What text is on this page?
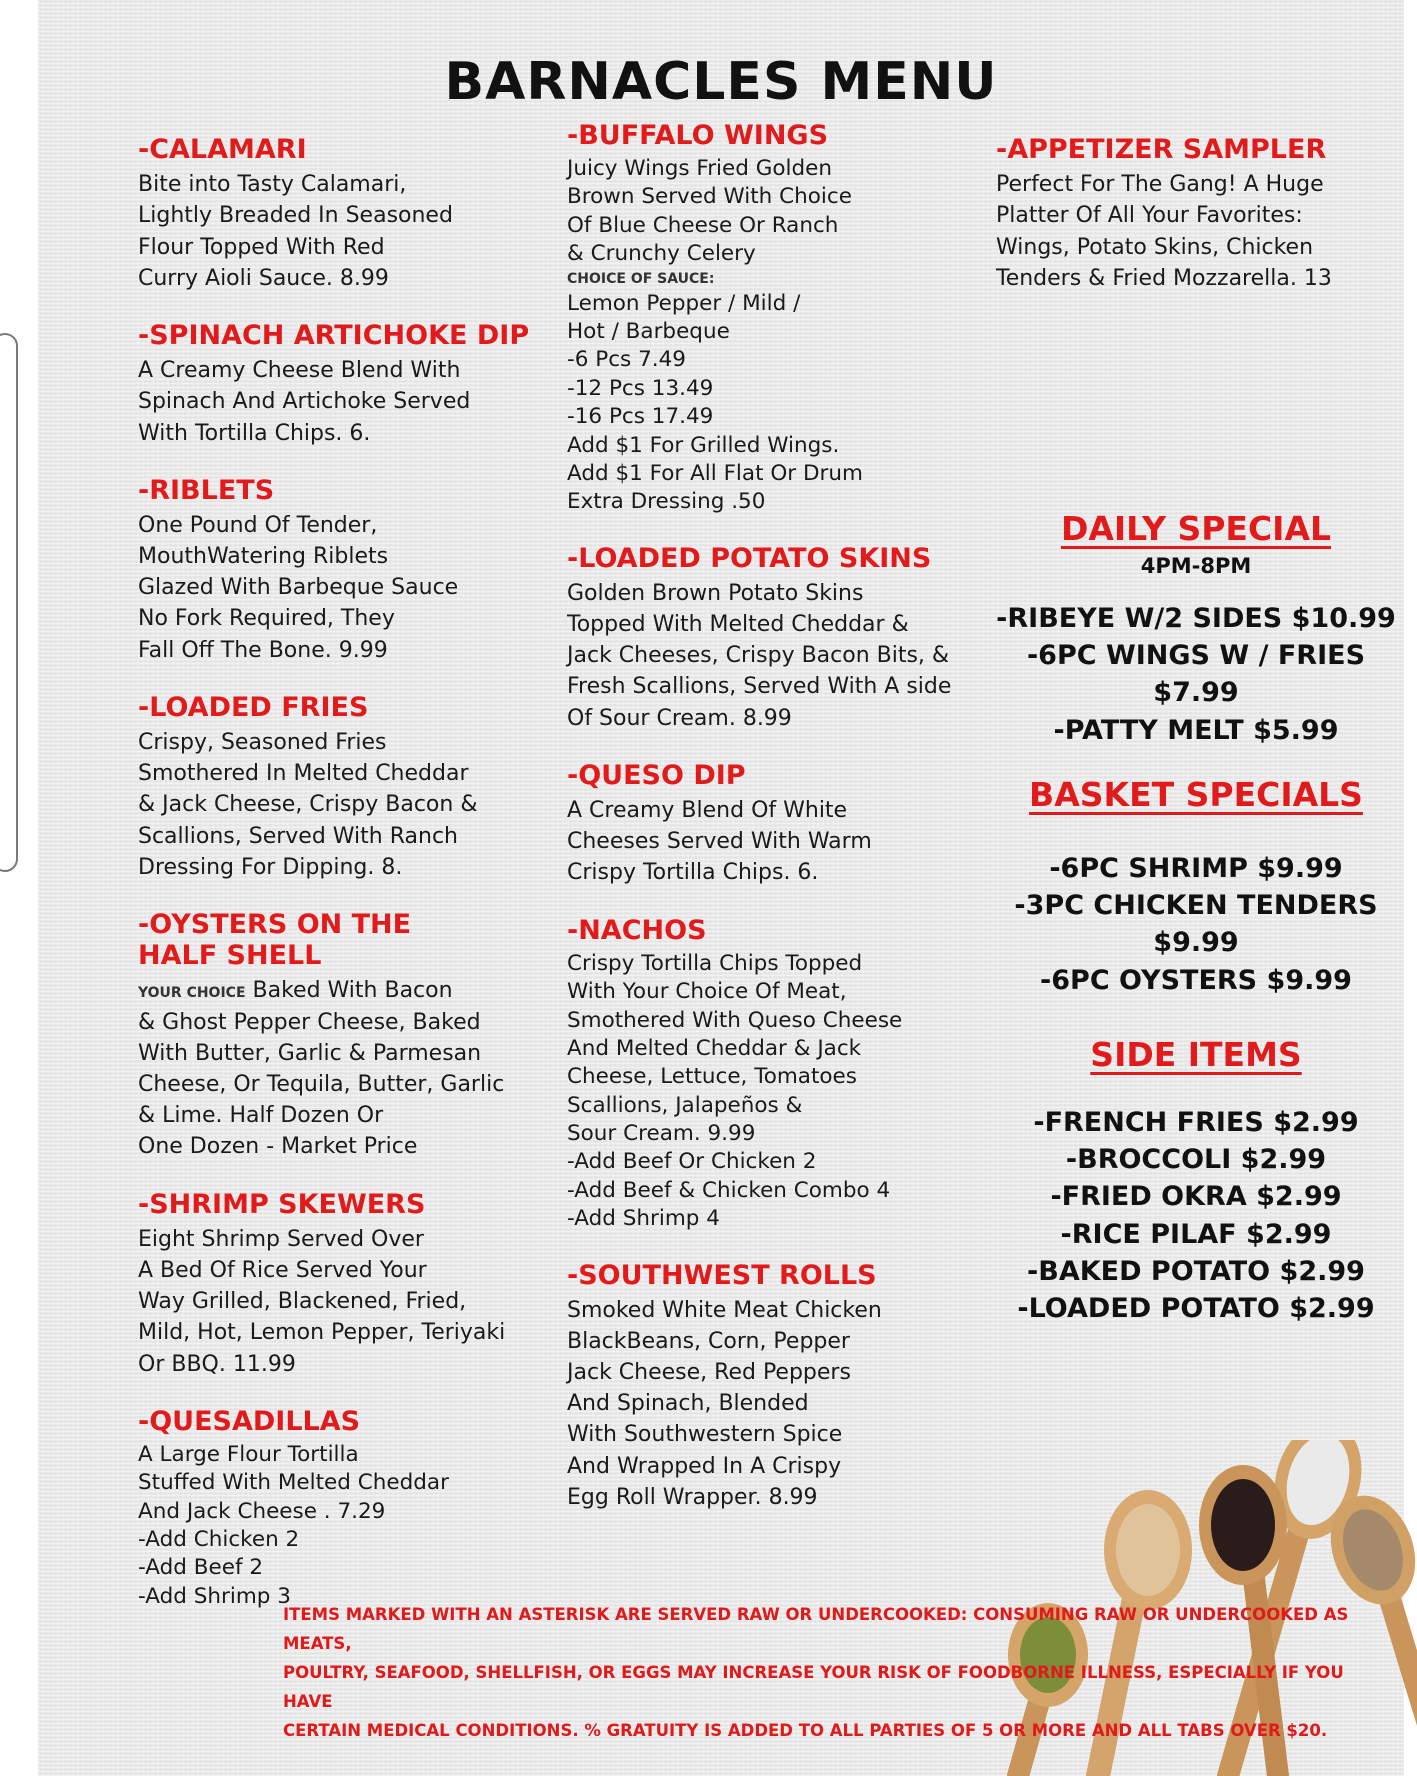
BARNACLES MENU
-CALAMARI
Bite into Tasty Calamari,
Lightly Breaded In Seasoned
Flour Topped With Red
Curry Aioli Sauce. 8.99
-SPINACH ARTICHOKE DIP
A Creamy Cheese Blend With
Spinach And Artichoke Served
With Tortilla Chips. 6.
-RIBLETS
One Pound Of Tender,
MouthWatering Riblets
Glazed With Barbeque Sauce
No Fork Required, They
Fall Off The Bone. 9.99
-LOADED FRIES
Crispy, Seasoned Fries
Smothered In Melted Cheddar
& Jack Cheese, Crispy Bacon &
Scallions, Served With Ranch
Dressing For Dipping. 8.
-OYSTERS ON THE HALF SHELL
YOUR CHOICE Baked With Bacon
& Ghost Pepper Cheese, Baked
With Butter, Garlic & Parmesan
Cheese, Or Tequila, Butter, Garlic
& Lime. Half Dozen Or
One Dozen - Market Price
-SHRIMP SKEWERS
Eight Shrimp Served Over
A Bed Of Rice Served Your
Way Grilled, Blackened, Fried,
Mild, Hot, Lemon Pepper, Teriyaki
Or BBQ. 11.99
-QUESADILLAS
A Large Flour Tortilla
Stuffed With Melted Cheddar
And Jack Cheese . 7.29
-Add Chicken 2
-Add Beef 2
-Add Shrimp 3
-BUFFALO WINGS
Juicy Wings Fried Golden
Brown Served With Choice
Of Blue Cheese Or Ranch
& Crunchy Celery
CHOICE OF SAUCE:
Lemon Pepper / Mild /
Hot / Barbeque
-6 Pcs 7.49
-12 Pcs 13.49
-16 Pcs 17.49
Add $1 For Grilled Wings.
Add $1 For All Flat Or Drum
Extra Dressing .50
-LOADED POTATO SKINS
Golden Brown Potato Skins
Topped With Melted Cheddar &
Jack Cheeses, Crispy Bacon Bits, &
Fresh Scallions, Served With A side
Of Sour Cream. 8.99
-QUESO DIP
A Creamy Blend Of White
Cheeses Served With Warm
Crispy Tortilla Chips. 6.
-NACHOS
Crispy Tortilla Chips Topped
With Your Choice Of Meat,
Smothered With Queso Cheese
And Melted Cheddar & Jack
Cheese, Lettuce, Tomatoes
Scallions, Jalapeños &
Sour Cream. 9.99
-Add Beef Or Chicken 2
-Add Beef & Chicken Combo 4
-Add Shrimp 4
-SOUTHWEST ROLLS
Smoked White Meat Chicken
BlackBeans, Corn, Pepper
Jack Cheese, Red Peppers
And Spinach, Blended
With Southwestern Spice
And Wrapped In A Crispy
Egg Roll Wrapper. 8.99
-APPETIZER SAMPLER
Perfect For The Gang! A Huge
Platter Of All Your Favorites:
Wings, Potato Skins, Chicken
Tenders & Fried Mozzarella. 13
DAILY SPECIAL
4PM-8PM
-RIBEYE W/2 SIDES $10.99
-6PC WINGS W / FRIES
$7.99
-PATTY MELT $5.99
BASKET SPECIALS
-6PC SHRIMP $9.99
-3PC CHICKEN TENDERS
$9.99
-6PC OYSTERS $9.99
SIDE ITEMS
-FRENCH FRIES $2.99
-BROCCOLI $2.99
-FRIED OKRA $2.99
-RICE PILAF $2.99
-BAKED POTATO $2.99
-LOADED POTATO $2.99
ITEMS MARKED WITH AN ASTERISK ARE SERVED RAW OR UNDERCOOKED: CONSUMING RAW OR UNDERCOOKED AS MEATS,
POULTRY, SEAFOOD, SHELLFISH, OR EGGS MAY INCREASE YOUR RISK OF FOODBORNE ILLNESS, ESPECIALLY IF YOU HAVE
CERTAIN MEDICAL CONDITIONS. % GRATUITY IS ADDED TO ALL PARTIES OF 5 OR MORE AND ALL TABS OVER $20.
